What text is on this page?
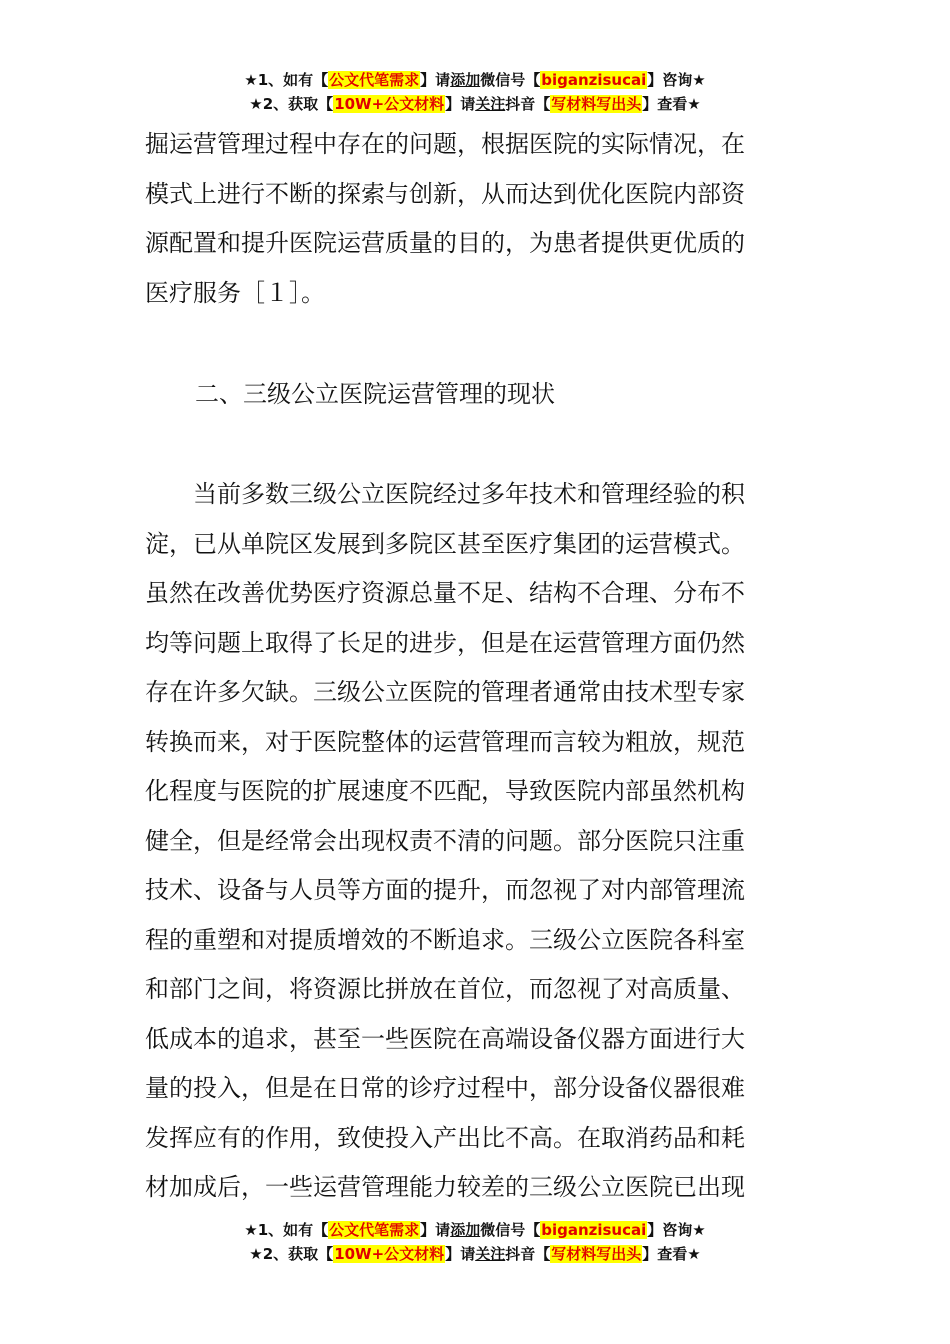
★1、如有【公文代笔需求】请添加微信号【biganzisucai】咨询★
★2、获取【10W+公文材料】请关注抖音【写材料写出头】查看★
掘运营管理过程中存在的问题，根据医院的实际情况，在
模式上进行不断的探索与创新，从而达到优化医院内部资
源配置和提升医院运营质量的目的，为患者提供更优质的
医疗服务［１］。
二、三级公立医院运营管理的现状
当前多数三级公立医院经过多年技术和管理经验的积
淀，已从单院区发展到多院区甚至医疗集团的运营模式。
虽然在改善优势医疗资源总量不足、结构不合理、分布不
均等问题上取得了长足的进步，但是在运营管理方面仍然
存在许多欠缺。三级公立医院的管理者通常由技术型专家
转换而来，对于医院整体的运营管理而言较为粗放，规范
化程度与医院的扩展速度不匹配，导致医院内部虽然机构
健全，但是经常会出现权责不清的问题。部分医院只注重
技术、设备与人员等方面的提升，而忽视了对内部管理流
程的重塑和对提质增效的不断追求。三级公立医院各科室
和部门之间，将资源比拼放在首位，而忽视了对高质量、
低成本的追求，甚至一些医院在高端设备仪器方面进行大
量的投入，但是在日常的诊疗过程中，部分设备仪器很难
发挥应有的作用，致使投入产出比不高。在取消药品和耗
材加成后，一些运营管理能力较差的三级公立医院已出现
★1、如有【公文代笔需求】请添加微信号【biganzisucai】咨询★
★2、获取【10W+公文材料】请关注抖音【写材料写出头】查看★
